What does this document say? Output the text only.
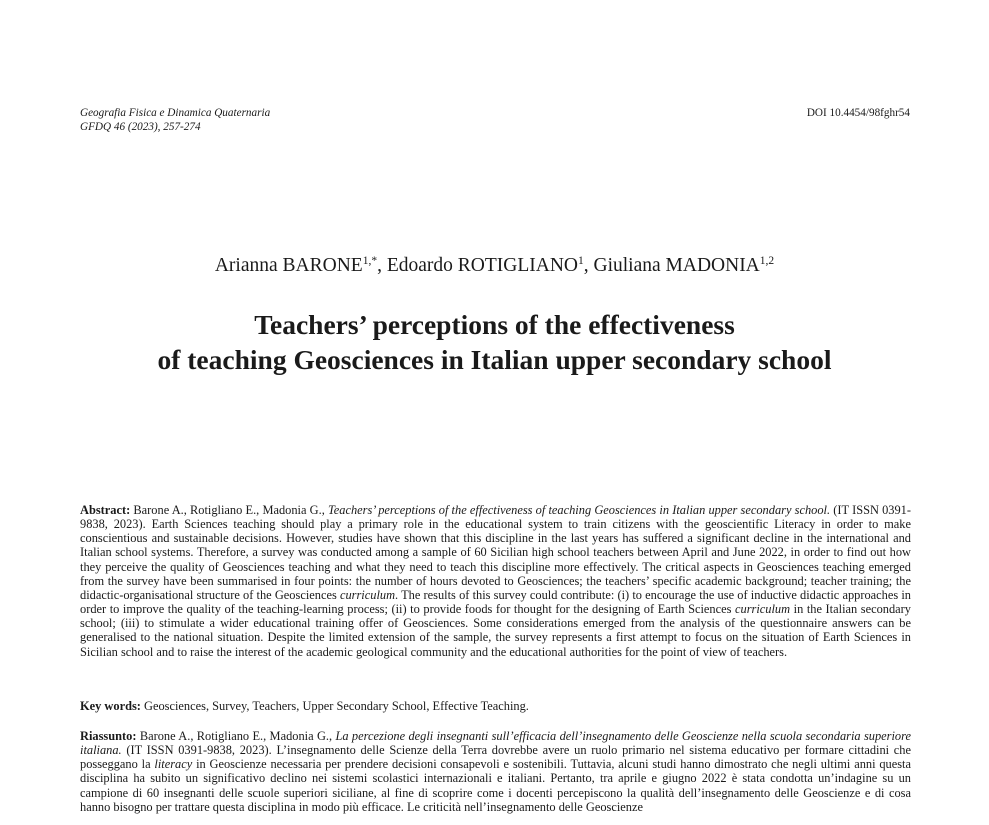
Geografia Fisica e Dinamica Quaternaria
GFDQ 46 (2023), 257-274
DOI 10.4454/98fghr54
Arianna $BARONE^{1,*}$, Edoardo ROTIGLIANO$^1$, Giuliana MADONIA$^{1,2}$
Teachers’ perceptions of the effectiveness
of teaching Geosciences in Italian upper secondary school

Abstract: Barone A., Rotigliano E., Madonia G., Teachers’ perceptions of the effectiveness of teaching Geosciences in Italian upper secondary school. (IT ISSN 0391-9838, 2023). Earth Sciences teaching should play a primary role in the educational system to train citizens with the geoscientific Literacy in order to make conscientious and sustainable decisions. However, studies have shown that this discipline in the last years has suffered a significant decline in the international and Italian school systems. Therefore, a survey was conducted among a sample of 60 Sicilian high school teachers between April and June 2022, in order to find out how they perceive the quality of Geosciences teaching and what they need to teach this discipline more effectively. The critical aspects in Geosciences teaching emerged from the survey have been summarised in four points: the number of hours devoted to Geosciences; the teachers’ specific academic background; teacher training; the didactic-organisational structure of the Geosciences curriculum. The results of this survey could contribute: (i) to encourage the use of inductive didactic approaches in order to improve the quality of the teaching-learning process; (ii) to provide foods for thought for the designing of Earth Sciences curriculum in the Italian secondary school; (iii) to stimulate a wider educational training offer of Geosciences. Some considerations emerged from the analysis of the questionnaire answers can be generalised to the national situation. Despite the limited extension of the sample, the survey represents a first attempt to focus on the situation of Earth Sciences in Sicilian school and to raise the interest of the academic geological community and the educational authorities for the point of view of teachers.

Key words: Geosciences, Survey, Teachers, Upper Secondary School, Effective Teaching.

Riassunto: Barone A., Rotigliano E., Madonia G., La percezione degli insegnanti sull’efficacia dell’insegnamento delle Geoscienze nella scuola secondaria superiore italiana. (IT ISSN 0391-9838, 2023). L’insegnamento delle Scienze della Terra dovrebbe avere un ruolo primario nel sistema educativo per formare cittadini che posseggano la literacy in Geoscienze necessaria per prendere decisioni consapevoli e sostenibili. Tuttavia, alcuni studi hanno dimostrato che negli ultimi anni questa disciplina ha subito un significativo declino nei sistemi scolastici internazionali e italiani. Pertanto, tra aprile e giugno 2022 è stata condotta un’indagine su un campione di 60 insegnanti delle scuole superiori siciliane, al fine di scoprire come i docenti percepiscono la qualità dell’insegnamento delle Geoscienze e di cosa hanno bisogno per trattare questa disciplina in modo più efficace. Le criticità nell’insegnamento delle Geoscienze
